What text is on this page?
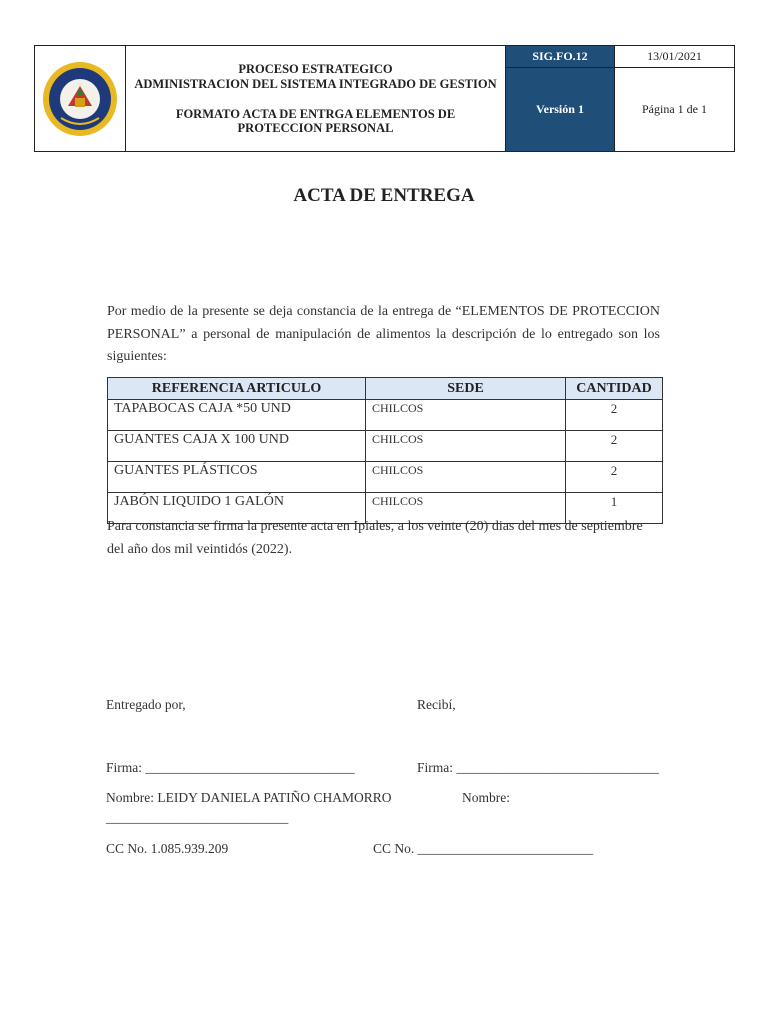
PROCESO ESTRATEGICO
ADMINISTRACION DEL SISTEMA INTEGRADO DE GESTION
FORMATO ACTA DE ENTRGA ELEMENTOS DE PROTECCION PERSONAL
SIG.FO.12	13/01/2021
Versión 1	Página 1 de 1
ACTA DE ENTREGA
Por medio de la presente se deja constancia de la entrega de “ELEMENTOS DE PROTECCION PERSONAL” a personal de manipulación de alimentos la descripción de lo entregado son los siguientes:
REFERENCIA ARTICULO	SEDE	CANTIDAD
TAPABOCAS CAJA *50 UND	CHILCOS	2
GUANTES CAJA X 100 UND	CHILCOS	2
GUANTES PLÁSTICOS	CHILCOS	2
JABÓN LIQUIDO 1 GALÓN	CHILCOS	1
Para constancia se firma la presente acta en Ipiales, a los veinte (20) dias del mes de septiembre del año dos mil veintidós (2022).
Entregado por,	Recibí,
Firma: _______________________________	Firma: ______________________________
Nombre: LEIDY DANIELA PATIÑO CHAMORRO	Nombre:
___________________________
CC No. 1.085.939.209	CC No. __________________________
